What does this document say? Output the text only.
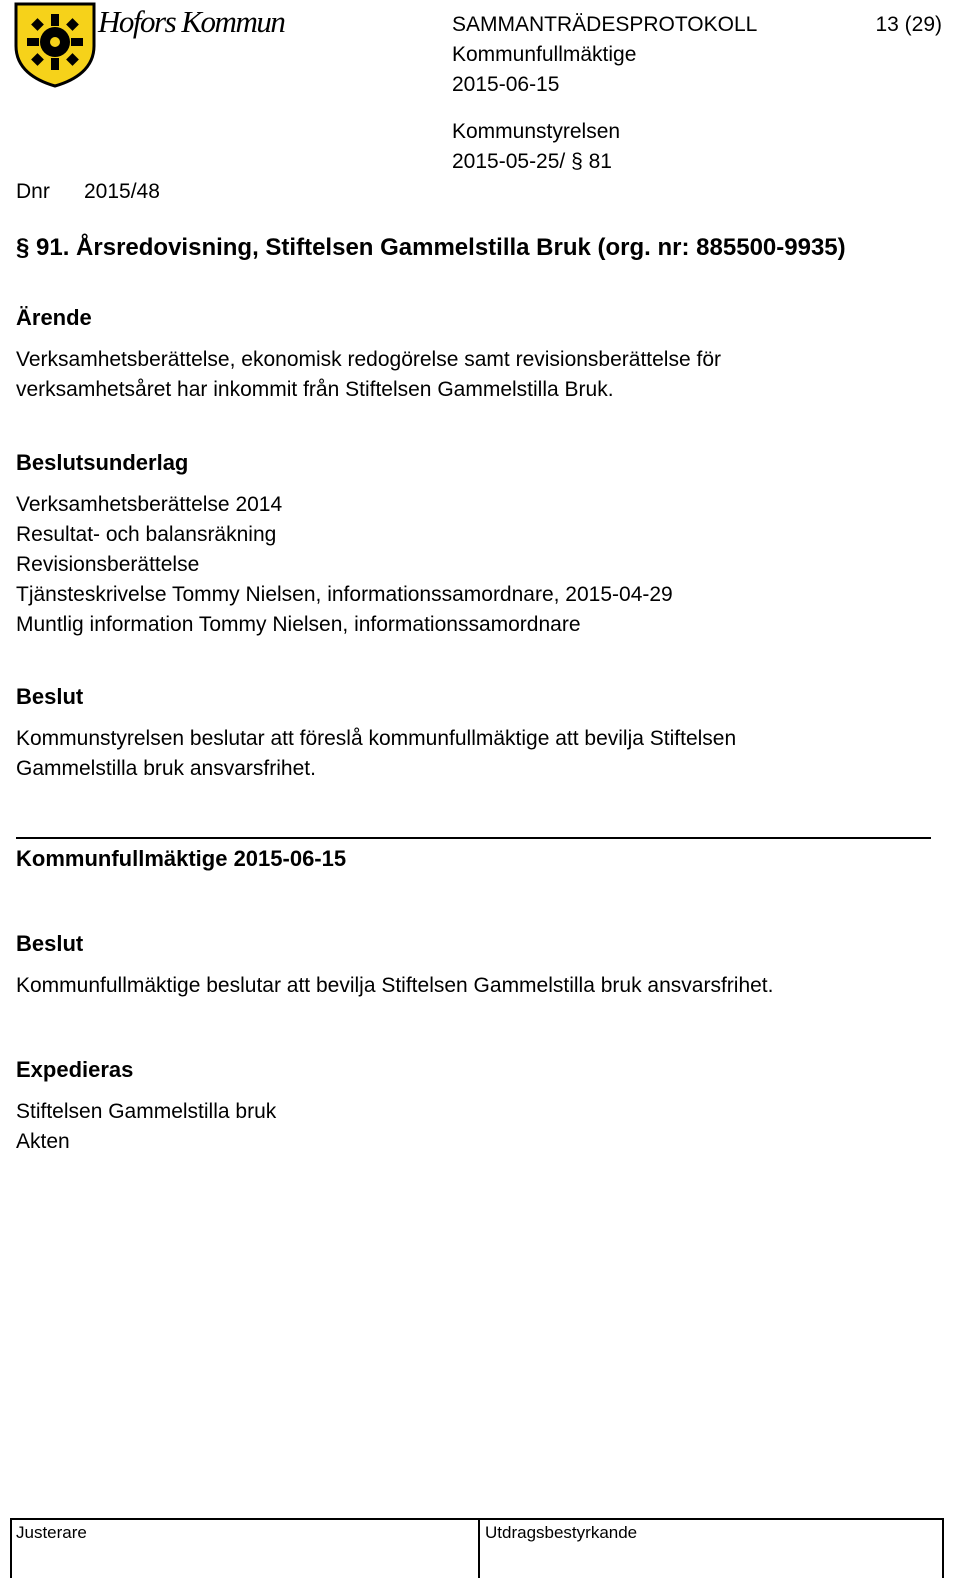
Hofors Kommun	SAMMANTRÄDESPROTOKOLL	13 (29)
Kommunfullmäktige
2015-06-15
Kommunstyrelsen
2015-05-25/ § 81
Dnr 2015/48
§ 91. Årsredovisning, Stiftelsen Gammelstilla Bruk (org. nr: 885500-9935)
Ärende
Verksamhetsberättelse, ekonomisk redogörelse samt revisionsberättelse för
verksamhetsåret har inkommit från Stiftelsen Gammelstilla Bruk.
Beslutsunderlag
Verksamhetsberättelse 2014
Resultat- och balansräkning
Revisionsberättelse
Tjänsteskrivelse Tommy Nielsen, informationssamordnare, 2015-04-29
Muntlig information Tommy Nielsen, informationssamordnare
Beslut
Kommunstyrelsen beslutar att föreslå kommunfullmäktige att bevilja Stiftelsen
Gammelstilla bruk ansvarsfrihet.
Kommunfullmäktige 2015-06-15
Beslut
Kommunfullmäktige beslutar att bevilja Stiftelsen Gammelstilla bruk ansvarsfrihet.
Expedieras
Stiftelsen Gammelstilla bruk
Akten
Justerare	Utdragsbestyrkande
